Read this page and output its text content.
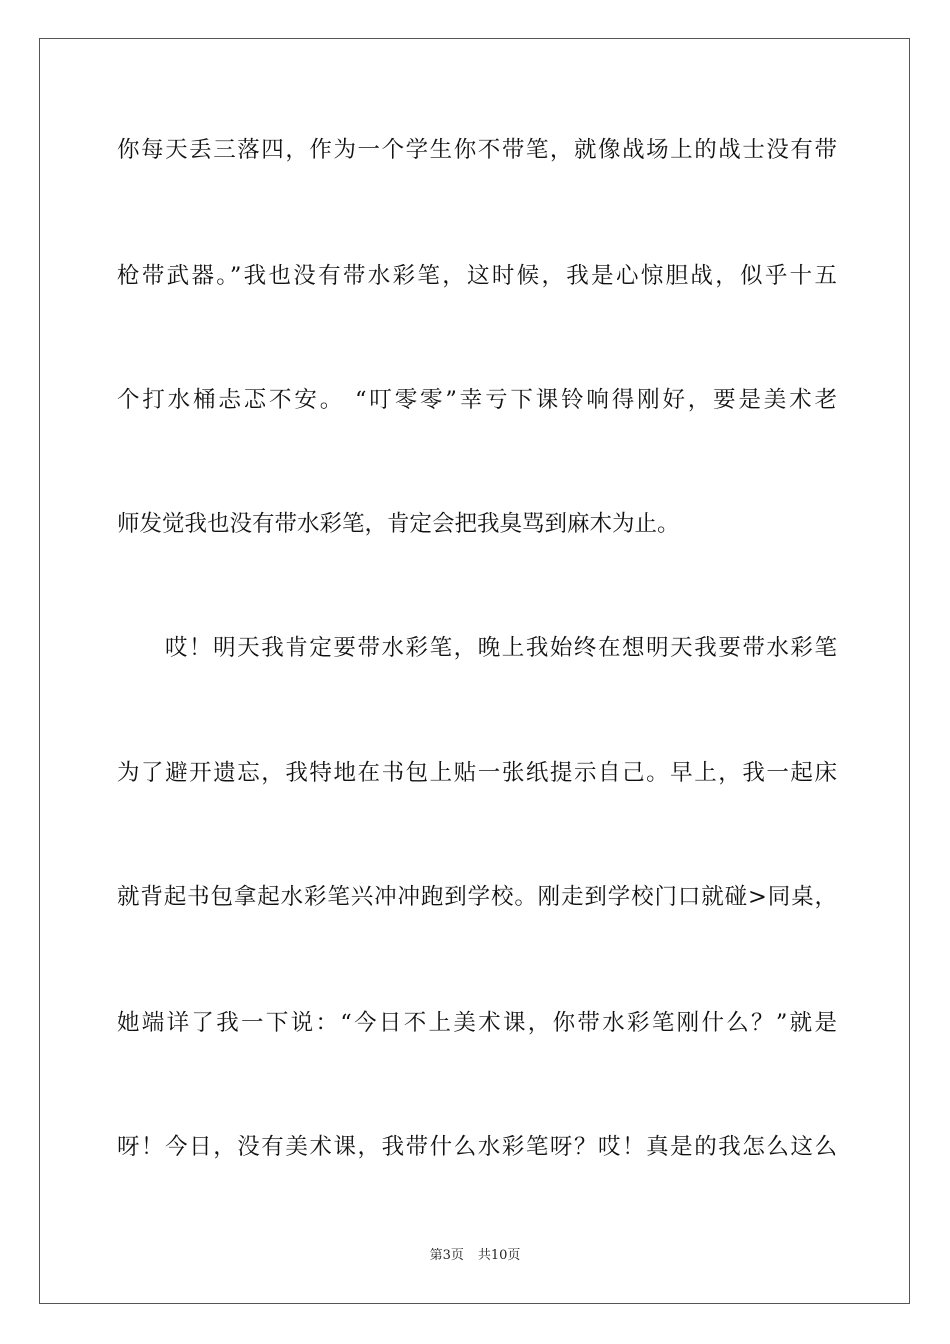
你每天丢三落四，作为一个学生你不带笔，就像战场上的战士没有带
枪带武器。”我也没有带水彩笔，这时候，我是心惊胆战，似乎十五
个打水桶忐忑不安。 “叮零零”幸亏下课铃响得刚好，要是美术老
师发觉我也没有带水彩笔，肯定会把我臭骂到麻木为止。
哎！明天我肯定要带水彩笔，晚上我始终在想明天我要带水彩笔
为了避开遗忘，我特地在书包上贴一张纸提示自己。早上，我一起床
就背起书包拿起水彩笔兴冲冲跑到学校。刚走到学校门口就碰>同桌，
她端详了我一下说：“今日不上美术课，你带水彩笔刚什么？”就是
呀！今日，没有美术课，我带什么水彩笔呀？哎！真是的我怎么这么
第3页 共10页
